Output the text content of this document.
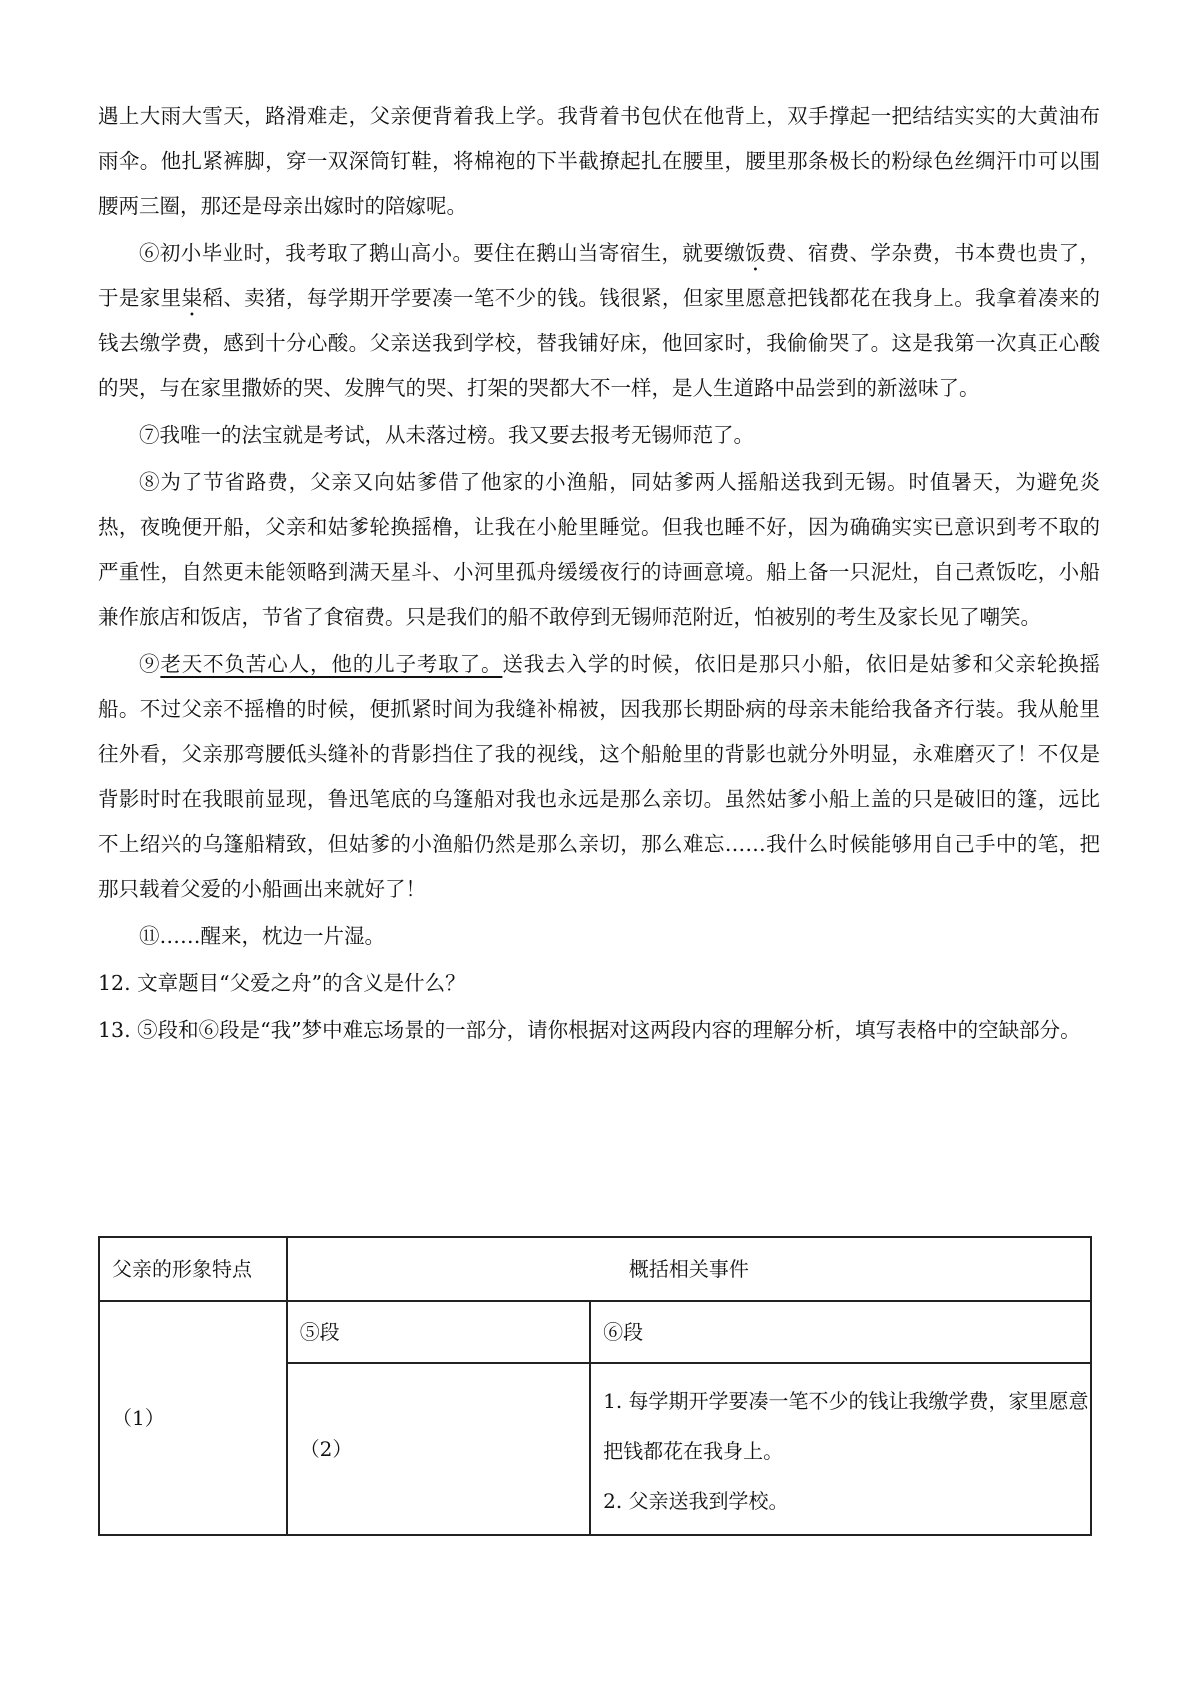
遇上大雨大雪天，路滑难走，父亲便背着我上学。我背着书包伏在他背上，双手撑起一把结结实实的大黄油布雨伞。他扎紧裤脚，穿一双深筒钉鞋，将棉袍的下半截撩起扎在腰里，腰里那条极长的粉绿色丝绸汗巾可以围腰两三圈，那还是母亲出嫁时的陪嫁呢。

⑥初小毕业时，我考取了鹅山高小。要住在鹅山当寄宿生，就要缴饭费、宿费、学杂费，书本费也贵了，于是家里粜稻、卖猪，每学期开学要凑一笔不少的钱。钱很紧，但家里愿意把钱都花在我身上。我拿着凑来的钱去缴学费，感到十分心酸。父亲送我到学校，替我铺好床，他回家时，我偷偷哭了。这是我第一次真正心酸的哭，与在家里撒娇的哭、发脾气的哭、打架的哭都大不一样，是人生道路中品尝到的新滋味了。

⑦我唯一的法宝就是考试，从未落过榜。我又要去报考无锡师范了。

⑧为了节省路费，父亲又向姑爹借了他家的小渔船，同姑爹两人摇船送我到无锡。时值暑天，为避免炎热，夜晚便开船，父亲和姑爹轮换摇橹，让我在小舱里睡觉。但我也睡不好，因为确确实实已意识到考不取的严重性，自然更未能领略到满天星斗、小河里孤舟缓缓夜行的诗画意境。船上备一只泥灶，自己煮饭吃，小船兼作旅店和饭店，节省了食宿费。只是我们的船不敢停到无锡师范附近，怕被别的考生及家长见了嘲笑。

⑨老天不负苦心人，他的儿子考取了。送我去入学的时候，依旧是那只小船，依旧是姑爹和父亲轮换摇船。不过父亲不摇橹的时候，便抓紧时间为我缝补棉被，因我那长期卧病的母亲未能给我备齐行装。我从舱里往外看，父亲那弯腰低头缝补的背影挡住了我的视线，这个船舱里的背影也就分外明显，永难磨灭了！不仅是背影时时在我眼前显现，鲁迅笔底的乌篷船对我也永远是那么亲切。虽然姑爹小船上盖的只是破旧的篷，远比不上绍兴的乌篷船精致，但姑爹的小渔船仍然是那么亲切，那么难忘……我什么时候能够用自己手中的笔，把那只载着父爱的小船画出来就好了！

⑪……醒来，枕边一片湿。

12. 文章题目“父爱之舟”的含义是什么？

13. ⑤段和⑥段是“我”梦中难忘场景的一部分，请你根据对这两段内容的理解分析，填写表格中的空缺部分。

父亲的形象特点	概括相关事件	
（1）	⑤段	⑥段
	（2）	1. 每学期开学要凑一笔不少的钱让我缴学费，家里愿意把钱都花在我身上。
2. 父亲送我到学校。
